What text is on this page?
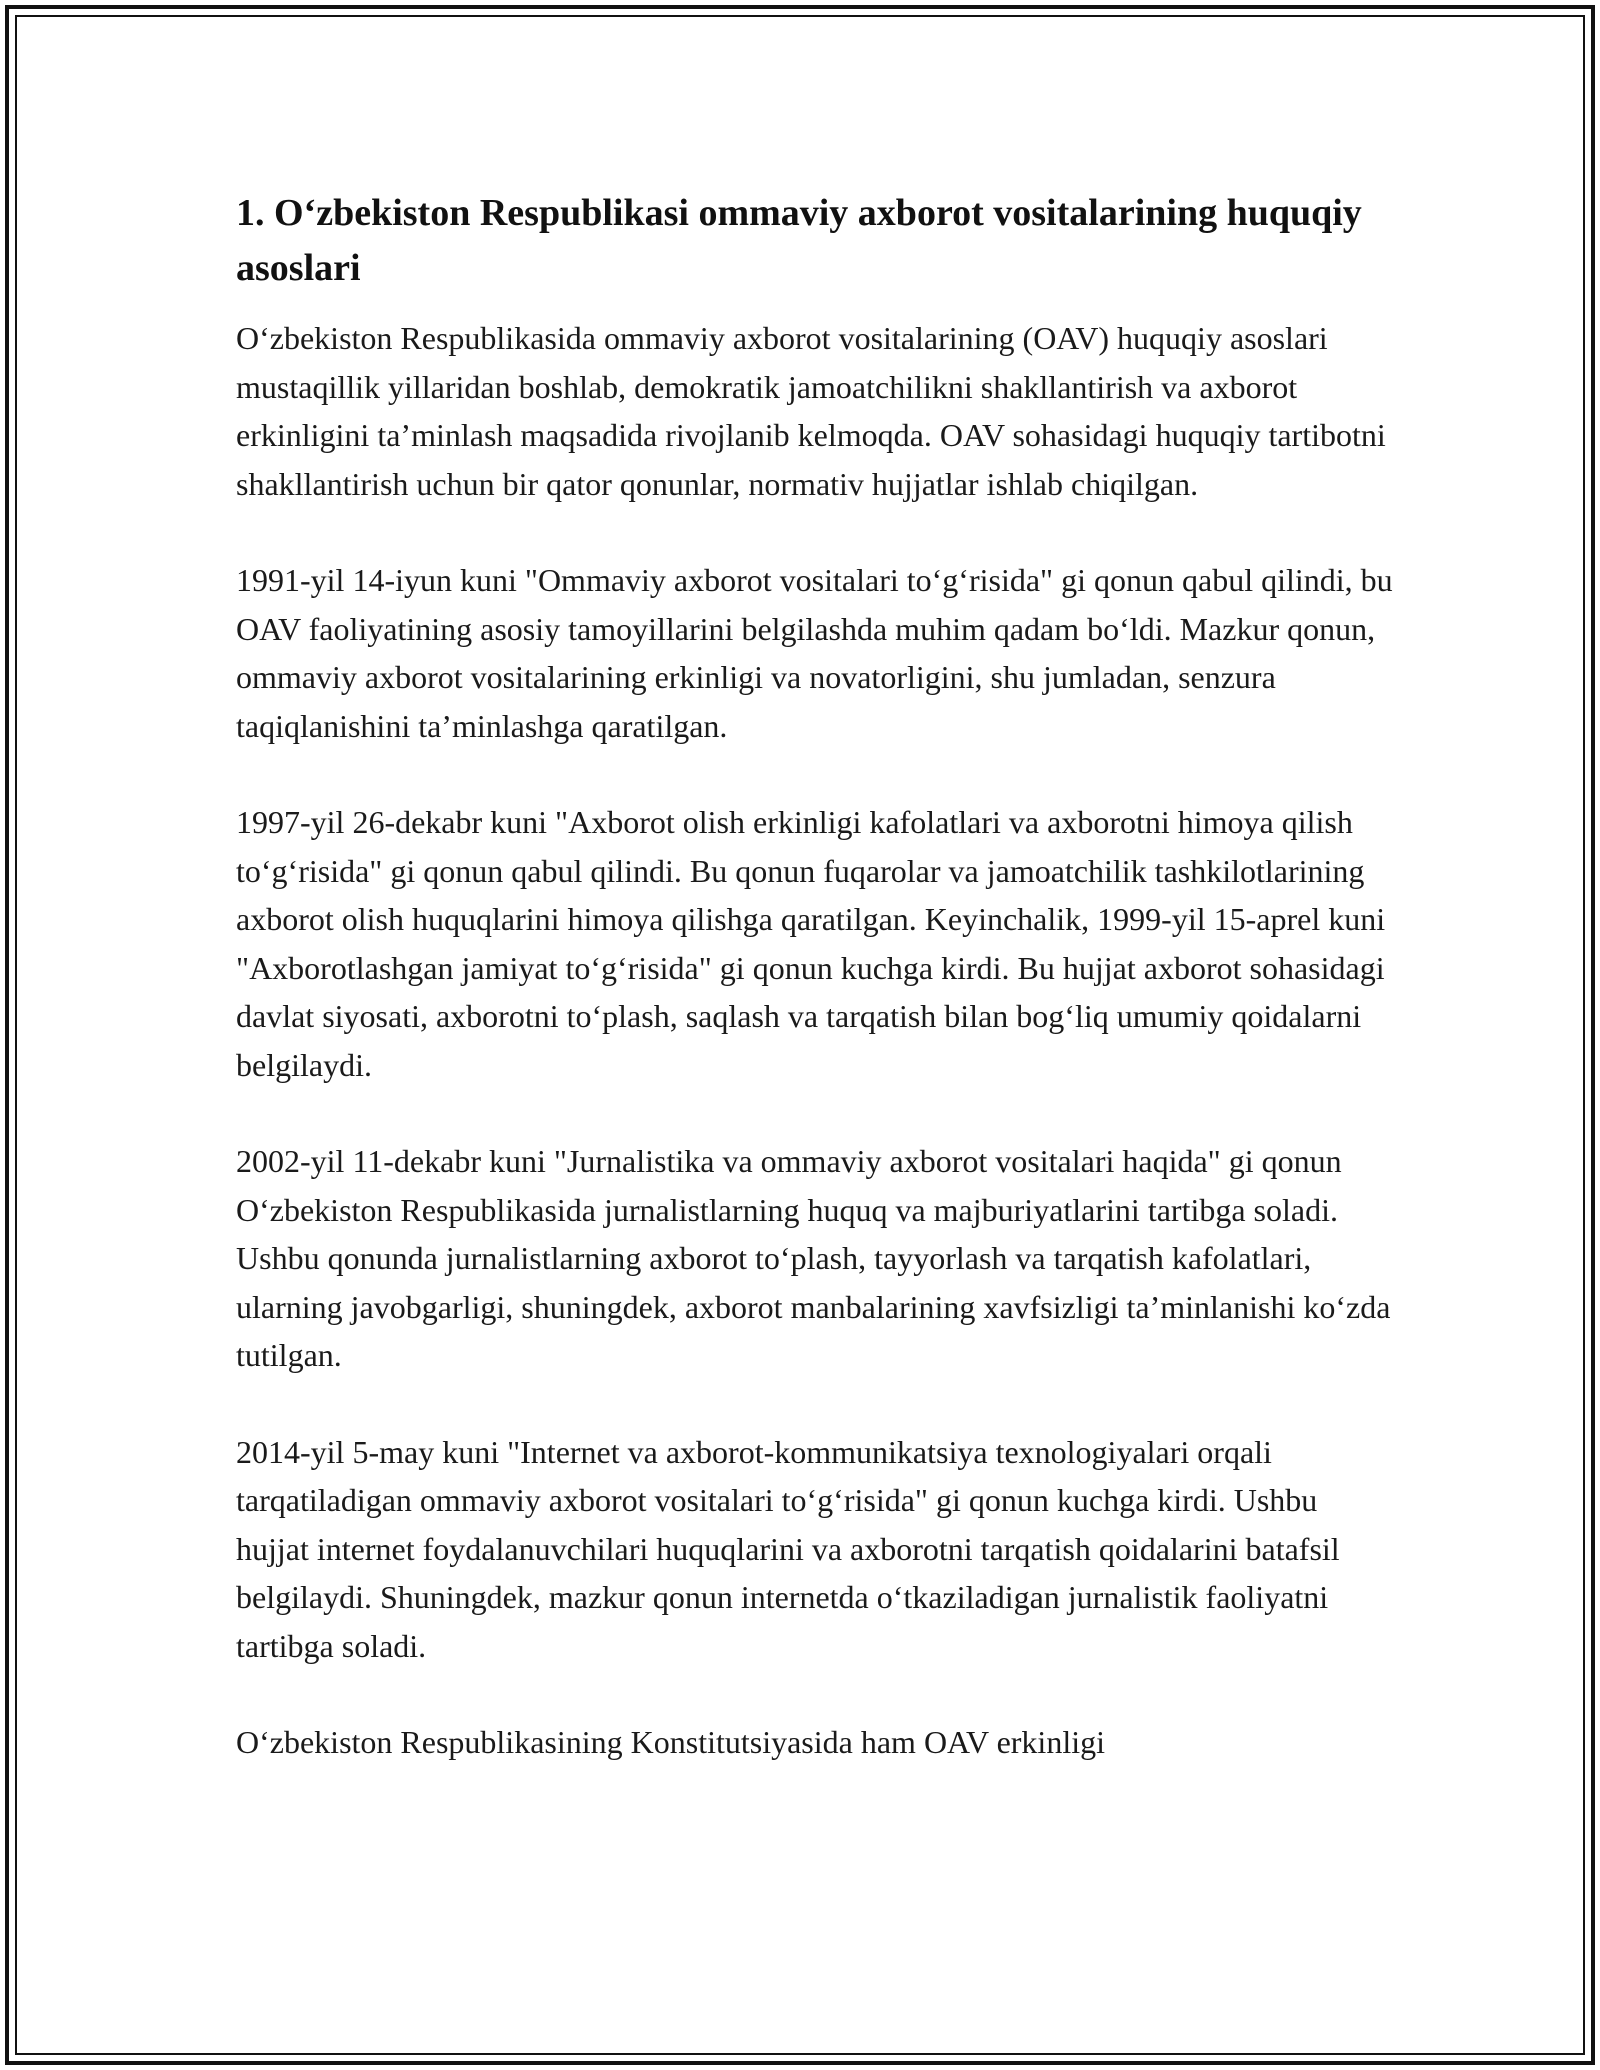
1. O‘zbekiston Respublikasi ommaviy axborot vositalarining huquqiy asoslari

O‘zbekiston Respublikasida ommaviy axborot vositalarining (OAV) huquqiy asoslari mustaqillik yillaridan boshlab, demokratik jamoatchilikni shakllantirish va axborot erkinligini ta’minlash maqsadida rivojlanib kelmoqda. OAV sohasidagi huquqiy tartibotni shakllantirish uchun bir qator qonunlar, normativ hujjatlar ishlab chiqilgan.

1991-yil 14-iyun kuni "Ommaviy axborot vositalari to‘g‘risida" gi qonun qabul qilindi, bu OAV faoliyatining asosiy tamoyillarini belgilashda muhim qadam bo‘ldi. Mazkur qonun, ommaviy axborot vositalarining erkinligi va novatorligini, shu jumladan, senzura taqiqlanishini ta’minlashga qaratilgan.

1997-yil 26-dekabr kuni "Axborot olish erkinligi kafolatlari va axborotni himoya qilish to‘g‘risida" gi qonun qabul qilindi. Bu qonun fuqarolar va jamoatchilik tashkilotlarining axborot olish huquqlarini himoya qilishga qaratilgan. Keyinchalik, 1999-yil 15-aprel kuni "Axborotlashgan jamiyat to‘g‘risida" gi qonun kuchga kirdi. Bu hujjat axborot sohasidagi davlat siyosati, axborotni to‘plash, saqlash va tarqatish bilan bog‘liq umumiy qoidalarni belgilaydi.

2002-yil 11-dekabr kuni "Jurnalistika va ommaviy axborot vositalari haqida" gi qonun O‘zbekiston Respublikasida jurnalistlarning huquq va majburiyatlarini tartibga soladi. Ushbu qonunda jurnalistlarning axborot to‘plash, tayyorlash va tarqatish kafolatlari, ularning javobgarligi, shuningdek, axborot manbalarining xavfsizligi ta’minlanishi ko‘zda tutilgan.

2014-yil 5-may kuni "Internet va axborot-kommunikatsiya texnologiyalari orqali tarqatiladigan ommaviy axborot vositalari to‘g‘risida" gi qonun kuchga kirdi. Ushbu hujjat internet foydalanuvchilari huquqlarini va axborotni tarqatish qoidalarini batafsil belgilaydi. Shuningdek, mazkur qonun internetda o‘tkaziladigan jurnalistik faoliyatni tartibga soladi.

O‘zbekiston Respublikasining Konstitutsiyasida ham OAV erkinligi
